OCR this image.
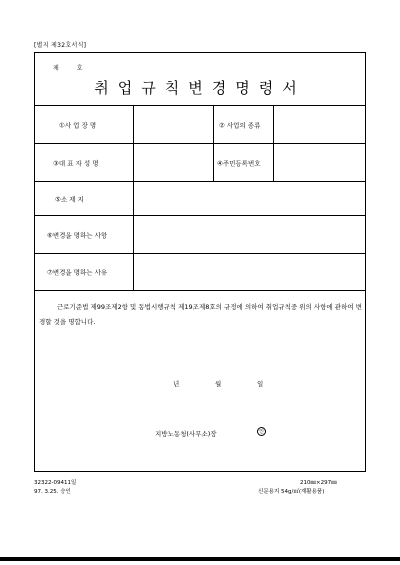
[별지 제32호서식]
제 호
취업규칙변경명령서
①사 업 장 명	② 사업의 종류
③대 표 자 성 명	④주민등록번호
⑤소 재 지
⑥변경을 명하는 사항
⑦변경을 명하는 사유
근로기준법 제99조제2항 및 동법시행규칙 제19조제8호의 규정에 의하여 취업규칙중 위의 사항에 관하여 변경할 것을 명합니다.
년	월	일
지방노동청(사무소)장	인
32322-09411일
97. 3.25. 승인
210㎜×297㎜
신문용지 54g/㎡(재활용품)
